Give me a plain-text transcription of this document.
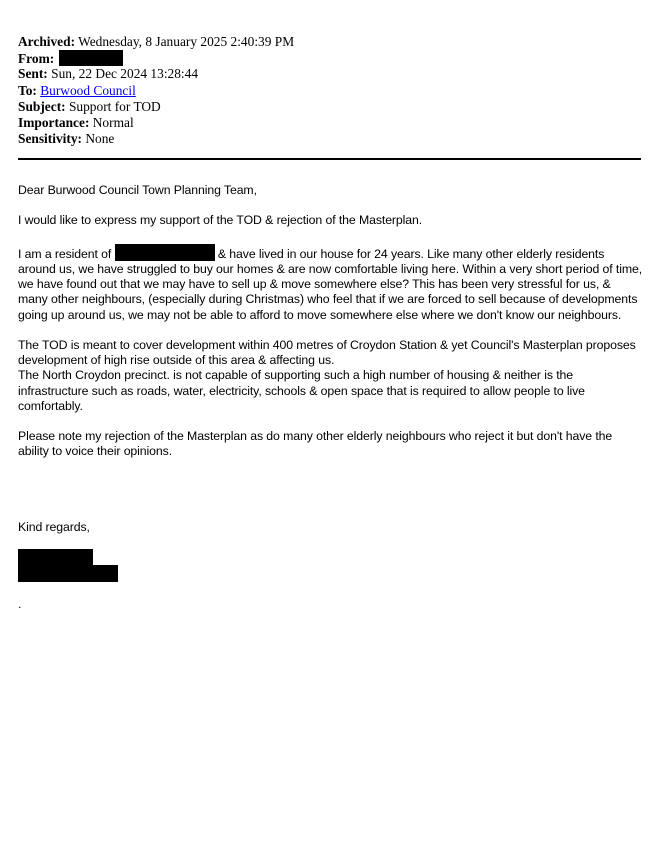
Archived: Wednesday, 8 January 2025 2:40:39 PM
From:
Sent: Sun, 22 Dec 2024 13:28:44
To: Burwood Council
Subject: Support for TOD
Importance: Normal
Sensitivity: None

Dear Burwood Council Town Planning Team,

I would like to express my support of the TOD & rejection of the Masterplan.

I am a resident of	& have lived in our house for 24 years. Like many other elderly residents around us, we have struggled to buy our homes & are now comfortable living here. Within a very short period of time, we have found out that we may have to sell up & move somewhere else? This has been very stressful for us, & many other neighbours, (especially during Christmas) who feel that if we are forced to sell because of developments going up around us, we may not be able to afford to move somewhere else where we don't know our neighbours.

The TOD is meant to cover development within 400 metres of Croydon Station & yet Council's Masterplan proposes development of high rise outside of this area & affecting us.
The North Croydon precinct. is not capable of supporting such a high number of housing & neither is the infrastructure such as roads, water, electricity, schools & open space that is required to allow people to live comfortably.

Please note my rejection of the Masterplan as do many other elderly neighbours who reject it but don't have the ability to voice their opinions.

Kind regards,

.
